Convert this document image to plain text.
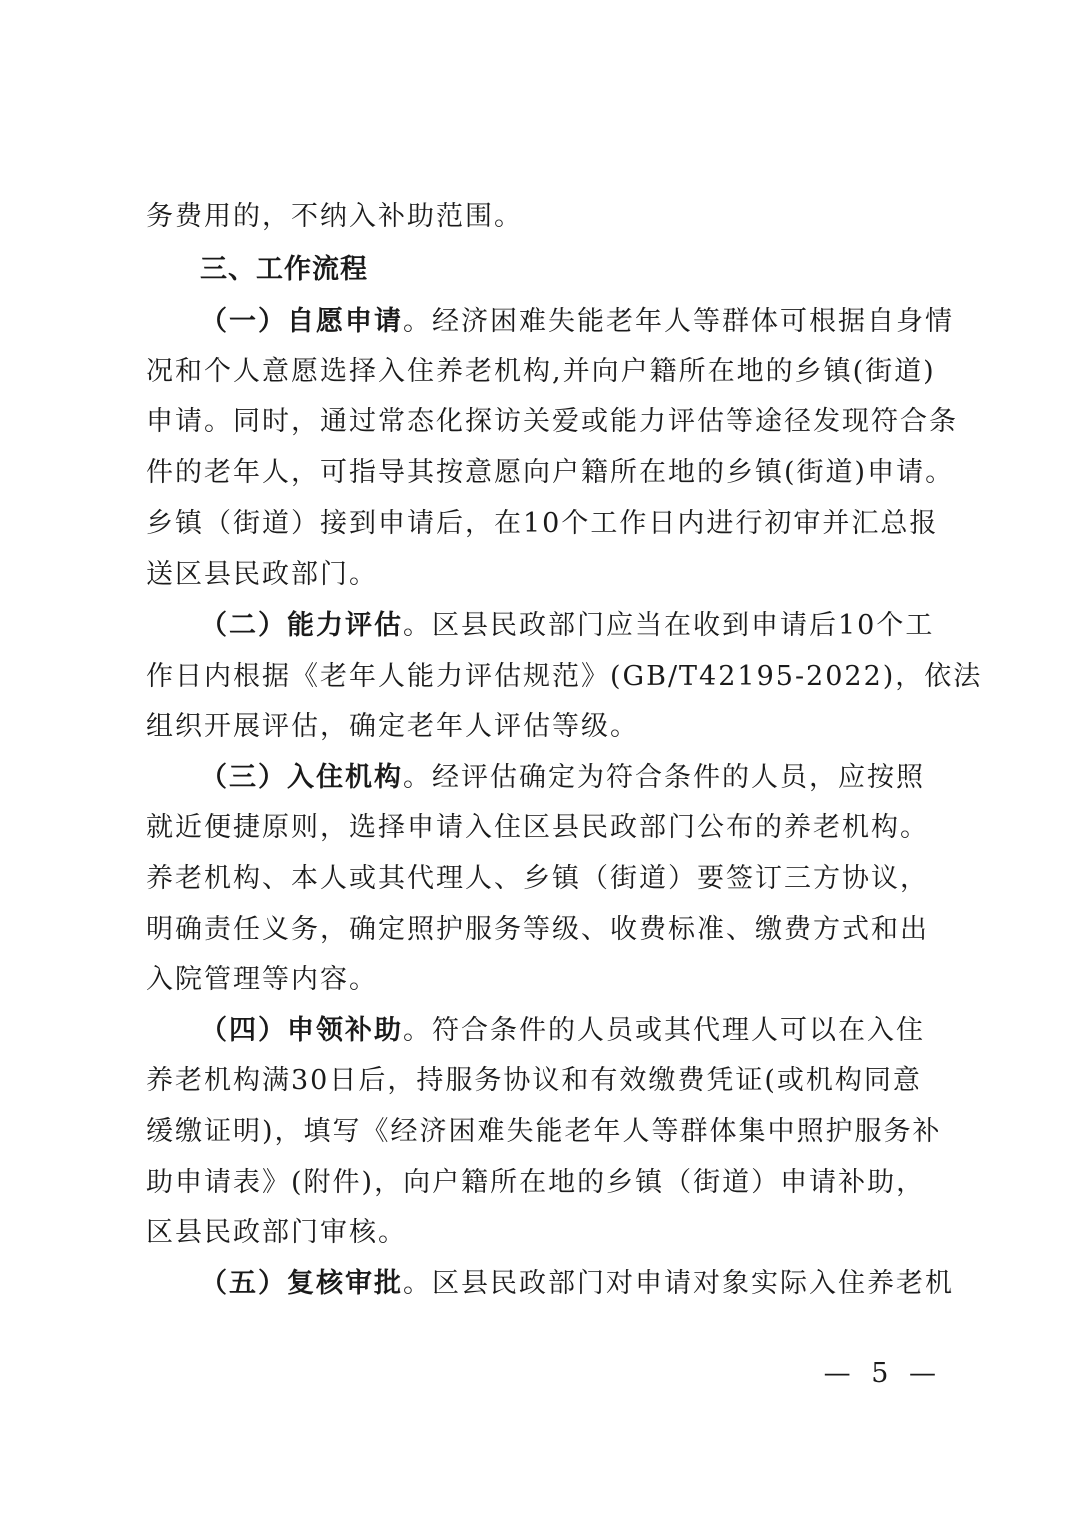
务费用的，不纳入补助范围。
三、工作流程
（一）自愿申请。经济困难失能老年人等群体可根据自身情
况和个人意愿选择入住养老机构,并向户籍所在地的乡镇(街道)
申请。同时，通过常态化探访关爱或能力评估等途径发现符合条
件的老年人，可指导其按意愿向户籍所在地的乡镇(街道)申请。
乡镇（街道）接到申请后，在10个工作日内进行初审并汇总报
送区县民政部门。
（二）能力评估。区县民政部门应当在收到申请后10个工
作日内根据《老年人能力评估规范》(GB/T42195-2022)，依法
组织开展评估，确定老年人评估等级。
（三）入住机构。经评估确定为符合条件的人员，应按照
就近便捷原则，选择申请入住区县民政部门公布的养老机构。
养老机构、本人或其代理人、乡镇（街道）要签订三方协议，
明确责任义务，确定照护服务等级、收费标准、缴费方式和出
入院管理等内容。
（四）申领补助。符合条件的人员或其代理人可以在入住
养老机构满30日后，持服务协议和有效缴费凭证(或机构同意
缓缴证明)，填写《经济困难失能老年人等群体集中照护服务补
助申请表》(附件)，向户籍所在地的乡镇（街道）申请补助，
区县民政部门审核。
（五）复核审批。区县民政部门对申请对象实际入住养老机
— 5 —
